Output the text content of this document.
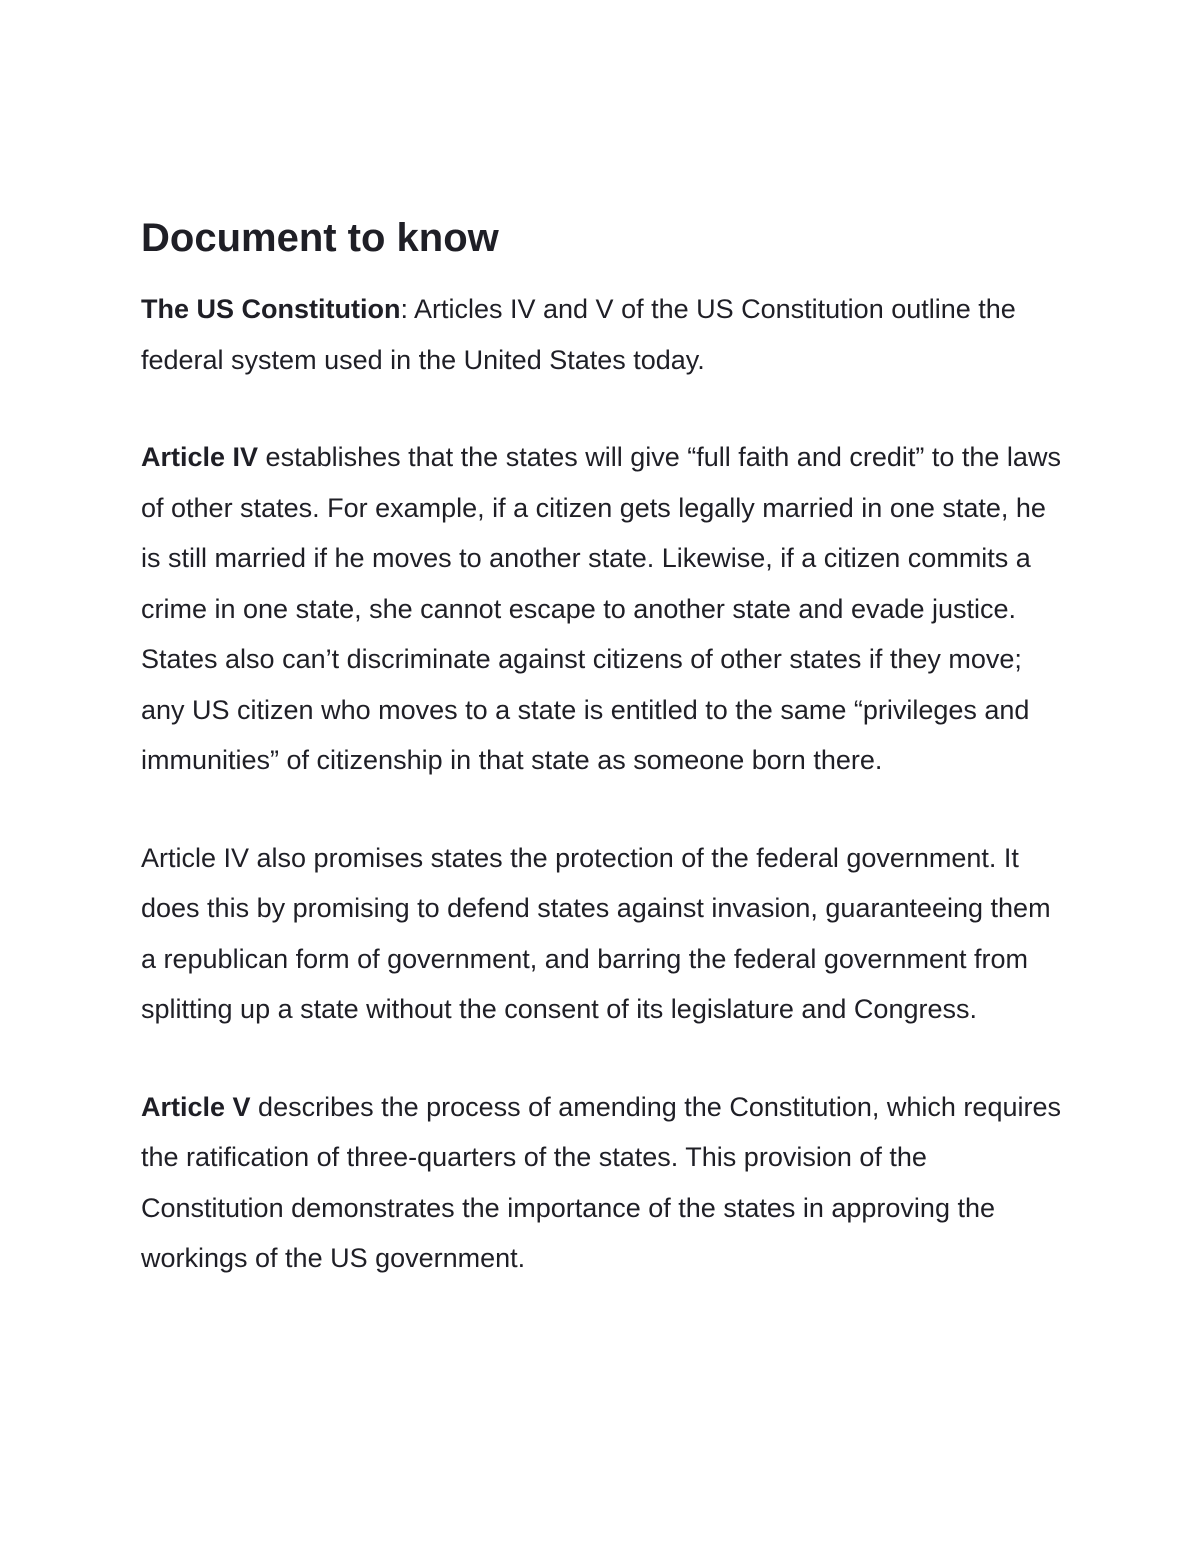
Document to know

The US Constitution: Articles IV and V of the US Constitution outline the federal system used in the United States today.

Article IV establishes that the states will give “full faith and credit” to the laws of other states. For example, if a citizen gets legally married in one state, he is still married if he moves to another state. Likewise, if a citizen commits a crime in one state, she cannot escape to another state and evade justice. States also can’t discriminate against citizens of other states if they move; any US citizen who moves to a state is entitled to the same “privileges and immunities” of citizenship in that state as someone born there.

Article IV also promises states the protection of the federal government. It does this by promising to defend states against invasion, guaranteeing them a republican form of government, and barring the federal government from splitting up a state without the consent of its legislature and Congress.

Article V describes the process of amending the Constitution, which requires the ratification of three-quarters of the states. This provision of the Constitution demonstrates the importance of the states in approving the workings of the US government.
